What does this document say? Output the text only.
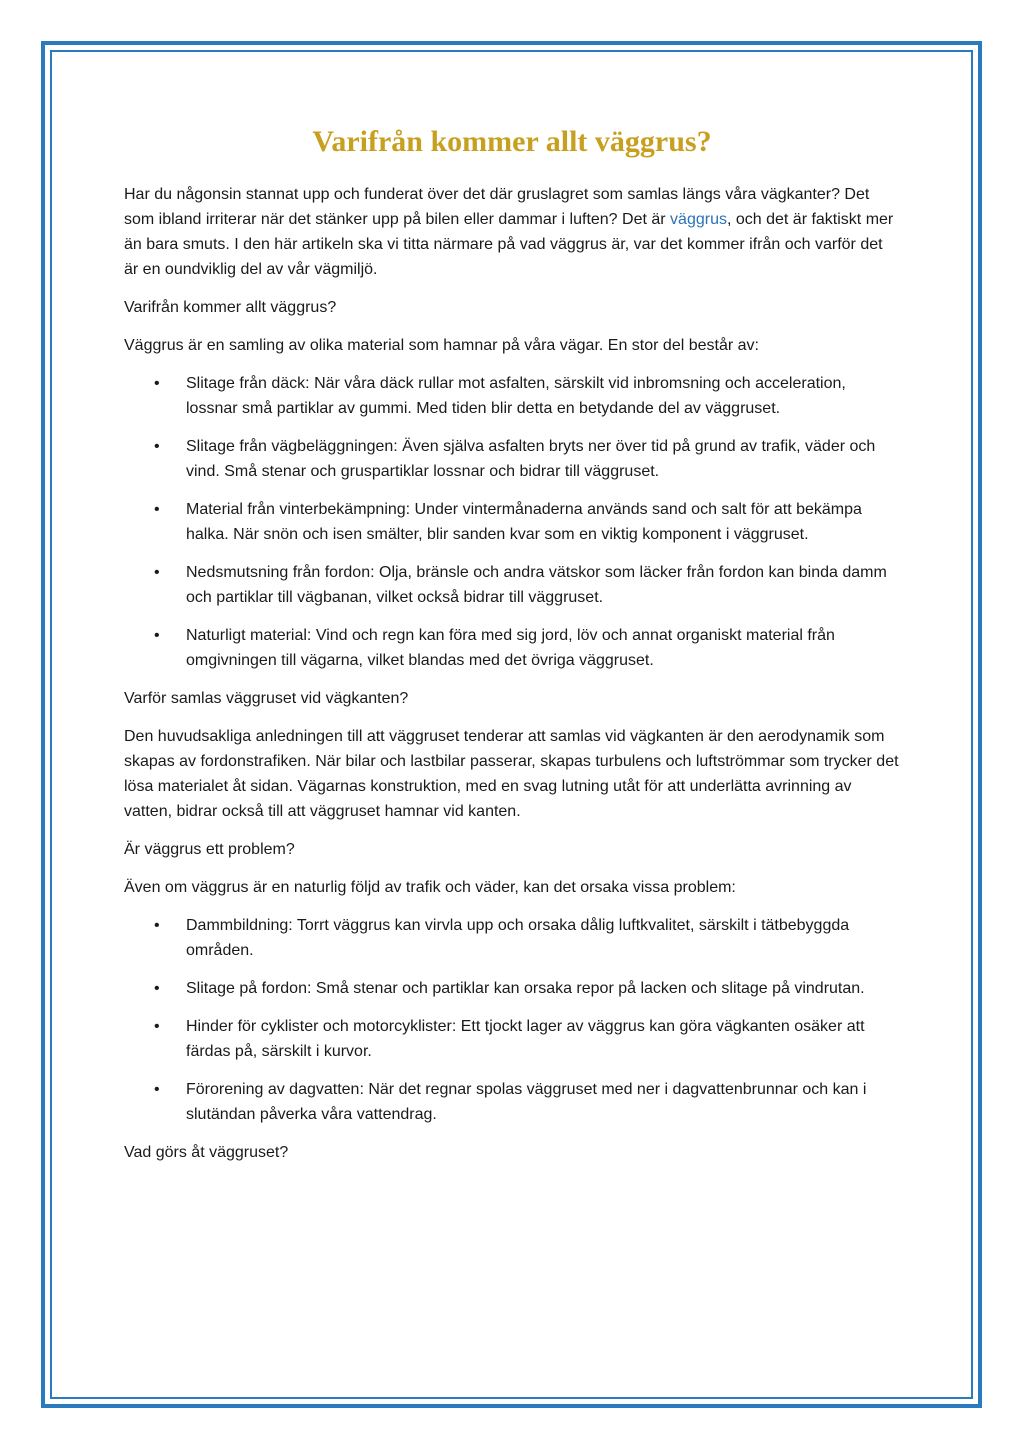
Varifrån kommer allt väggrus?

Har du någonsin stannat upp och funderat över det där gruslagret som samlas längs våra vägkanter? Det som ibland irriterar när det stänker upp på bilen eller dammar i luften? Det är väggrus, och det är faktiskt mer än bara smuts. I den här artikeln ska vi titta närmare på vad väggrus är, var det kommer ifrån och varför det är en oundviklig del av vår vägmiljö.

Varifrån kommer allt väggrus?

Väggrus är en samling av olika material som hamnar på våra vägar. En stor del består av:

• Slitage från däck: När våra däck rullar mot asfalten, särskilt vid inbromsning och acceleration, lossnar små partiklar av gummi. Med tiden blir detta en betydande del av väggruset.
• Slitage från vägbeläggningen: Även själva asfalten bryts ner över tid på grund av trafik, väder och vind. Små stenar och gruspartiklar lossnar och bidrar till väggruset.
• Material från vinterbekämpning: Under vintermånaderna används sand och salt för att bekämpa halka. När snön och isen smälter, blir sanden kvar som en viktig komponent i väggruset.
• Nedsmutsning från fordon: Olja, bränsle och andra vätskor som läcker från fordon kan binda damm och partiklar till vägbanan, vilket också bidrar till väggruset.
• Naturligt material: Vind och regn kan föra med sig jord, löv och annat organiskt material från omgivningen till vägarna, vilket blandas med det övriga väggruset.

Varför samlas väggruset vid vägkanten?

Den huvudsakliga anledningen till att väggruset tenderar att samlas vid vägkanten är den aerodynamik som skapas av fordonstrafiken. När bilar och lastbilar passerar, skapas turbulens och luftströmmar som trycker det lösa materialet åt sidan. Vägarnas konstruktion, med en svag lutning utåt för att underlätta avrinning av vatten, bidrar också till att väggruset hamnar vid kanten.

Är väggrus ett problem?

Även om väggrus är en naturlig följd av trafik och väder, kan det orsaka vissa problem:

• Dammbildning: Torrt väggrus kan virvla upp och orsaka dålig luftkvalitet, särskilt i tätbebyggda områden.
• Slitage på fordon: Små stenar och partiklar kan orsaka repor på lacken och slitage på vindrutan.
• Hinder för cyklister och motorcyklister: Ett tjockt lager av väggrus kan göra vägkanten osäker att färdas på, särskilt i kurvor.
• Förorening av dagvatten: När det regnar spolas väggruset med ner i dagvattenbrunnar och kan i slutändan påverka våra vattendrag.

Vad görs åt väggruset?
